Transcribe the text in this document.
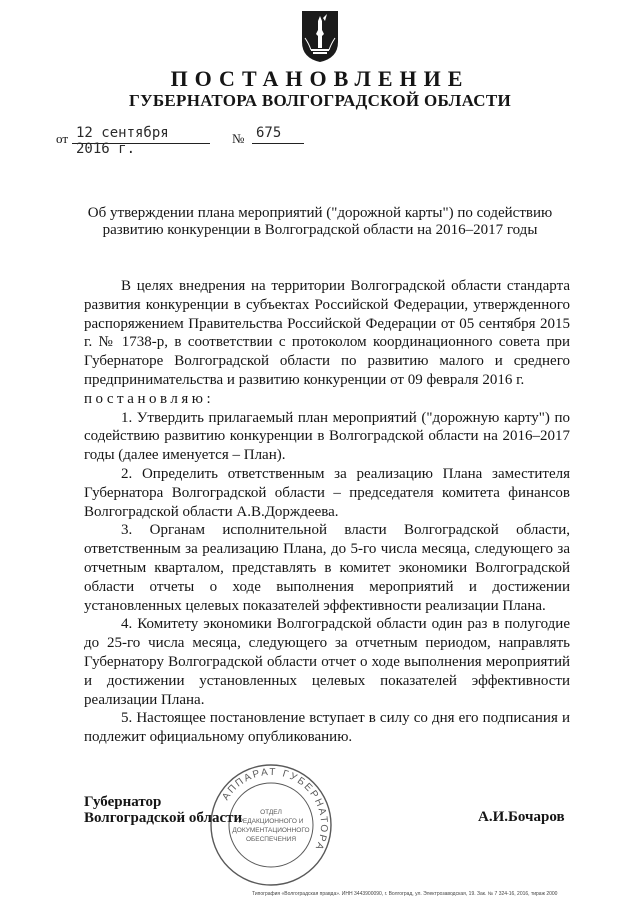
ПОСТАНОВЛЕНИЕ
ГУБЕРНАТОРА ВОЛГОГРАДСКОЙ ОБЛАСТИ
от 12 сентября 2016 г.
№ 675

Об утверждении плана мероприятий ("дорожной карты") по содействию развитию конкуренции в Волгоградской области на 2016–2017 годы

В целях внедрения на территории Волгоградской области стандарта развития конкуренции в субъектах Российской Федерации, утвержденного распоряжением Правительства Российской Федерации от 05 сентября 2015 г. № 1738-р, в соответствии с протоколом координационного совета при Губернаторе Волгоградской области по развитию малого и среднего предпринимательства и развитию конкуренции от 09 февраля 2016 г.

постановляю:

1. Утвердить прилагаемый план мероприятий ("дорожную карту") по содействию развитию конкуренции в Волгоградской области на 2016–2017 годы (далее именуется – План).

2. Определить ответственным за реализацию Плана заместителя Губернатора Волгоградской области – председателя комитета финансов Волгоградской области А.В.Дорждеева.

3. Органам исполнительной власти Волгоградской области, ответственным за реализацию Плана, до 5-го числа месяца, следующего за отчетным кварталом, представлять в комитет экономики Волгоградской области отчеты о ходе выполнения мероприятий и достижении установленных целевых показателей эффективности реализации Плана.

4. Комитету экономики Волгоградской области один раз в полугодие до 25-го числа месяца, следующего за отчетным периодом, направлять Губернатору Волгоградской области отчет о ходе выполнения мероприятий и достижении установленных целевых показателей эффективности реализации Плана.

5. Настоящее постановление вступает в силу со дня его подписания и подлежит официальному опубликованию.

Губернатор
Волгоградской области	А.И.Бочаров
АППАРАТ ГУБЕРНАТОРА
ОТДЕЛ
РЕДАКЦИОННОГО И
ДОКУМЕНТАЦИОННОГО
ОБЕСПЕЧЕНИЯ
Типография «Волгоградская правда». ИНН 3443900090, г. Волгоград, ул. Электрозаводская, 19. Зак. № 7 324-16, 2016, тираж 2000
